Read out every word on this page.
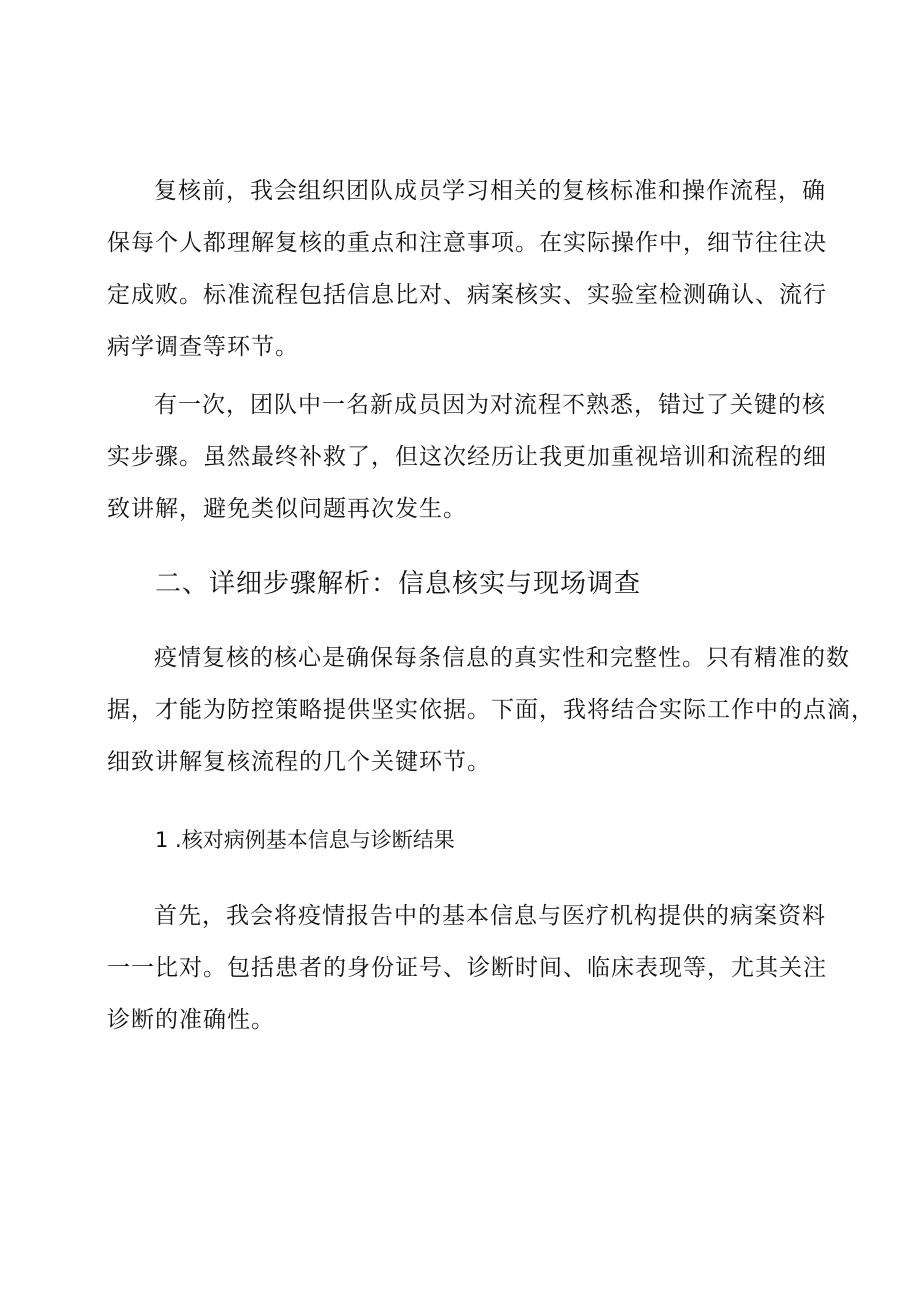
复核前，我会组织团队成员学习相关的复核标准和操作流程，确
保每个人都理解复核的重点和注意事项。在实际操作中，细节往往决
定成败。标准流程包括信息比对、病案核实、实验室检测确认、流行
病学调查等环节。
有一次，团队中一名新成员因为对流程不熟悉，错过了关键的核
实步骤。虽然最终补救了，但这次经历让我更加重视培训和流程的细
致讲解，避免类似问题再次发生。
二、详细步骤解析：信息核实与现场调查
疫情复核的核心是确保每条信息的真实性和完整性。只有精准的数
据，才能为防控策略提供坚实依据。下面，我将结合实际工作中的点滴，
细致讲解复核流程的几个关键环节。
1 .核对病例基本信息与诊断结果
首先，我会将疫情报告中的基本信息与医疗机构提供的病案资料
一一比对。包括患者的身份证号、诊断时间、临床表现等，尤其关注
诊断的准确性。
